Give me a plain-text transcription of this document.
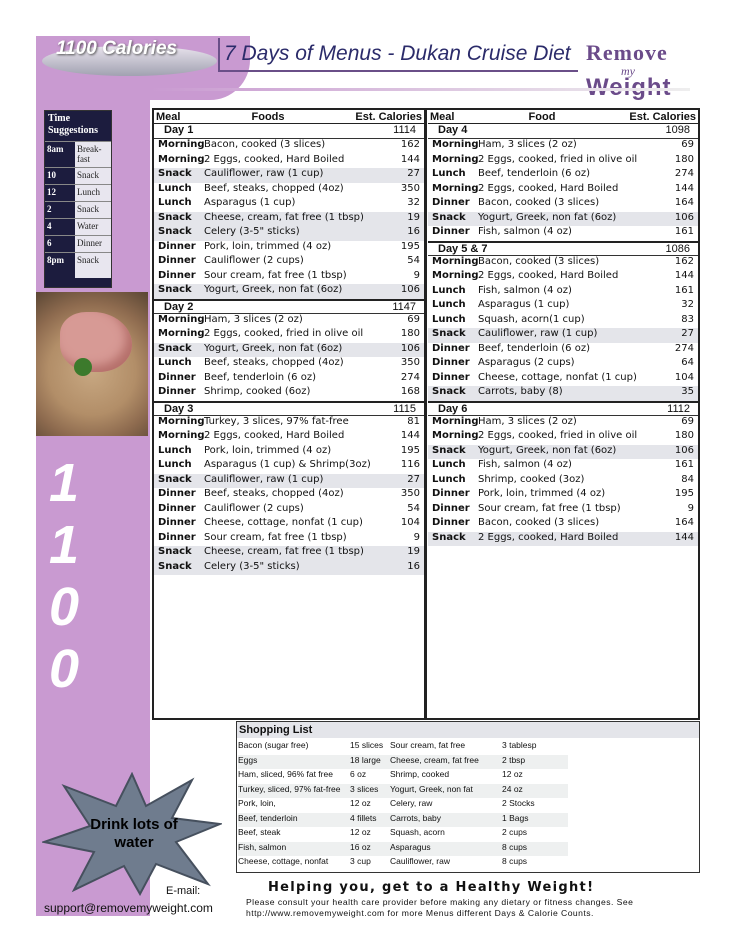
1100 Calories 7 Days of Menus - Dukan Cruise Diet Remove
my
Time Suggestions
8am	Break-fast
10	Snack
12	Lunch
2	Snack
4	Water
6	Dinner
8pm	Snack
1
1
0
0
Drink lots of water
E-mail:
support@removemyweight.com
Meal	Foods	Est. Calories
Day 1	1114
Morning Bacon, cooked (3 slices)	162
Morning 2 Eggs, cooked, Hard Boiled	144
Snack	Cauliflower, raw (1 cup)	27
Lunch	Beef, steaks, chopped (4oz)	350
Lunch	Asparagus (1 cup)	32
Snack	Cheese, cream, fat free (1 tbsp)	19
Snack	Celery (3-5" sticks)	16
Dinner Pork, loin, trimmed (4 oz)	195
Dinner Cauliflower (2 cups)	54
Dinner Sour cream, fat free (1 tbsp)	9
Snack	Yogurt, Greek, non fat (6oz)	106
Day 2	1147
Morning Ham, 3 slices (2 oz)	69
Morning 2 Eggs, cooked, fried in olive oil	180
Snack	Yogurt, Greek, non fat (6oz)	106
Lunch	Beef, steaks, chopped (4oz)	350
Dinner Beef, tenderloin (6 oz)	274
Dinner Shrimp, cooked (6oz)	168
Day 3	1115
Morning Turkey, 3 slices, 97% fat-free	81
Morning 2 Eggs, cooked, Hard Boiled	144
Lunch	Pork, loin, trimmed (4 oz)	195
Lunch	Asparagus (1 cup) & Shrimp(3oz)	116
Snack	Cauliflower, raw (1 cup)	27
Dinner Beef, steaks, chopped (4oz)	350
Dinner Cauliflower (2 cups)	54
Dinner Cheese, cottage, nonfat (1 cup)	104
Dinner Sour cream, fat free (1 tbsp)	9
Snack	Cheese, cream, fat free (1 tbsp)	19
Snack	Celery (3-5" sticks)	16
Meal	Food	Est. Calories
Day 4	1098
Morning Ham, 3 slices (2 oz)	69
Morning 2 Eggs, cooked, fried in olive oil	180
Lunch	Beef, tenderloin (6 oz)	274
Morning 2 Eggs, cooked, Hard Boiled	144
Dinner Bacon, cooked (3 slices)	164
Snack	Yogurt, Greek, non fat (6oz)	106
Dinner Fish, salmon (4 oz)	161
Day 5 & 7	1086
Morning Bacon, cooked (3 slices)	162
Morning 2 Eggs, cooked, Hard Boiled	144
Lunch	Fish, salmon (4 oz)	161
Lunch	Asparagus (1 cup)	32
Lunch	Squash, acorn(1 cup)	83
Snack	Cauliflower, raw (1 cup)	27
Dinner Beef, tenderloin (6 oz)	274
Dinner Asparagus (2 cups)	64
Dinner Cheese, cottage, nonfat (1 cup)	104
Snack	Carrots, baby (8)	35
Day 6	1112
Morning Ham, 3 slices (2 oz)	69
Morning 2 Eggs, cooked, fried in olive oil	180
Snack	Yogurt, Greek, non fat (6oz)	106
Lunch	Fish, salmon (4 oz)	161
Lunch	Shrimp, cooked (3oz)	84
Dinner Pork, loin, trimmed (4 oz)	195
Dinner Sour cream, fat free (1 tbsp)	9
Dinner Bacon, cooked (3 slices)	164
Snack	2 Eggs, cooked, Hard Boiled	144
Shopping List
Bacon (sugar free)	15 slices Sour cream, fat free	3 tablesp
Eggs	18 large	Cheese, cream, fat free	2 tbsp
Ham, sliced, 96% fat free	6 oz	Shrimp, cooked	12 oz
Turkey, sliced, 97% fat-free	3 slices	Yogurt, Greek, non fat	24 oz
Pork, loin,	12 oz	Celery, raw	2 Stocks
Beef, tenderloin	4 fillets	Carrots, baby	1 Bags
Beef, steak	12 oz	Squash, acorn	2 cups
Fish, salmon	16 oz	Asparagus	8 cups
Cheese, cottage, nonfat	3 cup	Cauliflower, raw	8 cups
Helping you, get to a Healthy Weight!
Please consult your health care provider before making any dietary or fitness changes. See
http://www.removemyweight.com for more Menus different Days & Calorie Counts.
